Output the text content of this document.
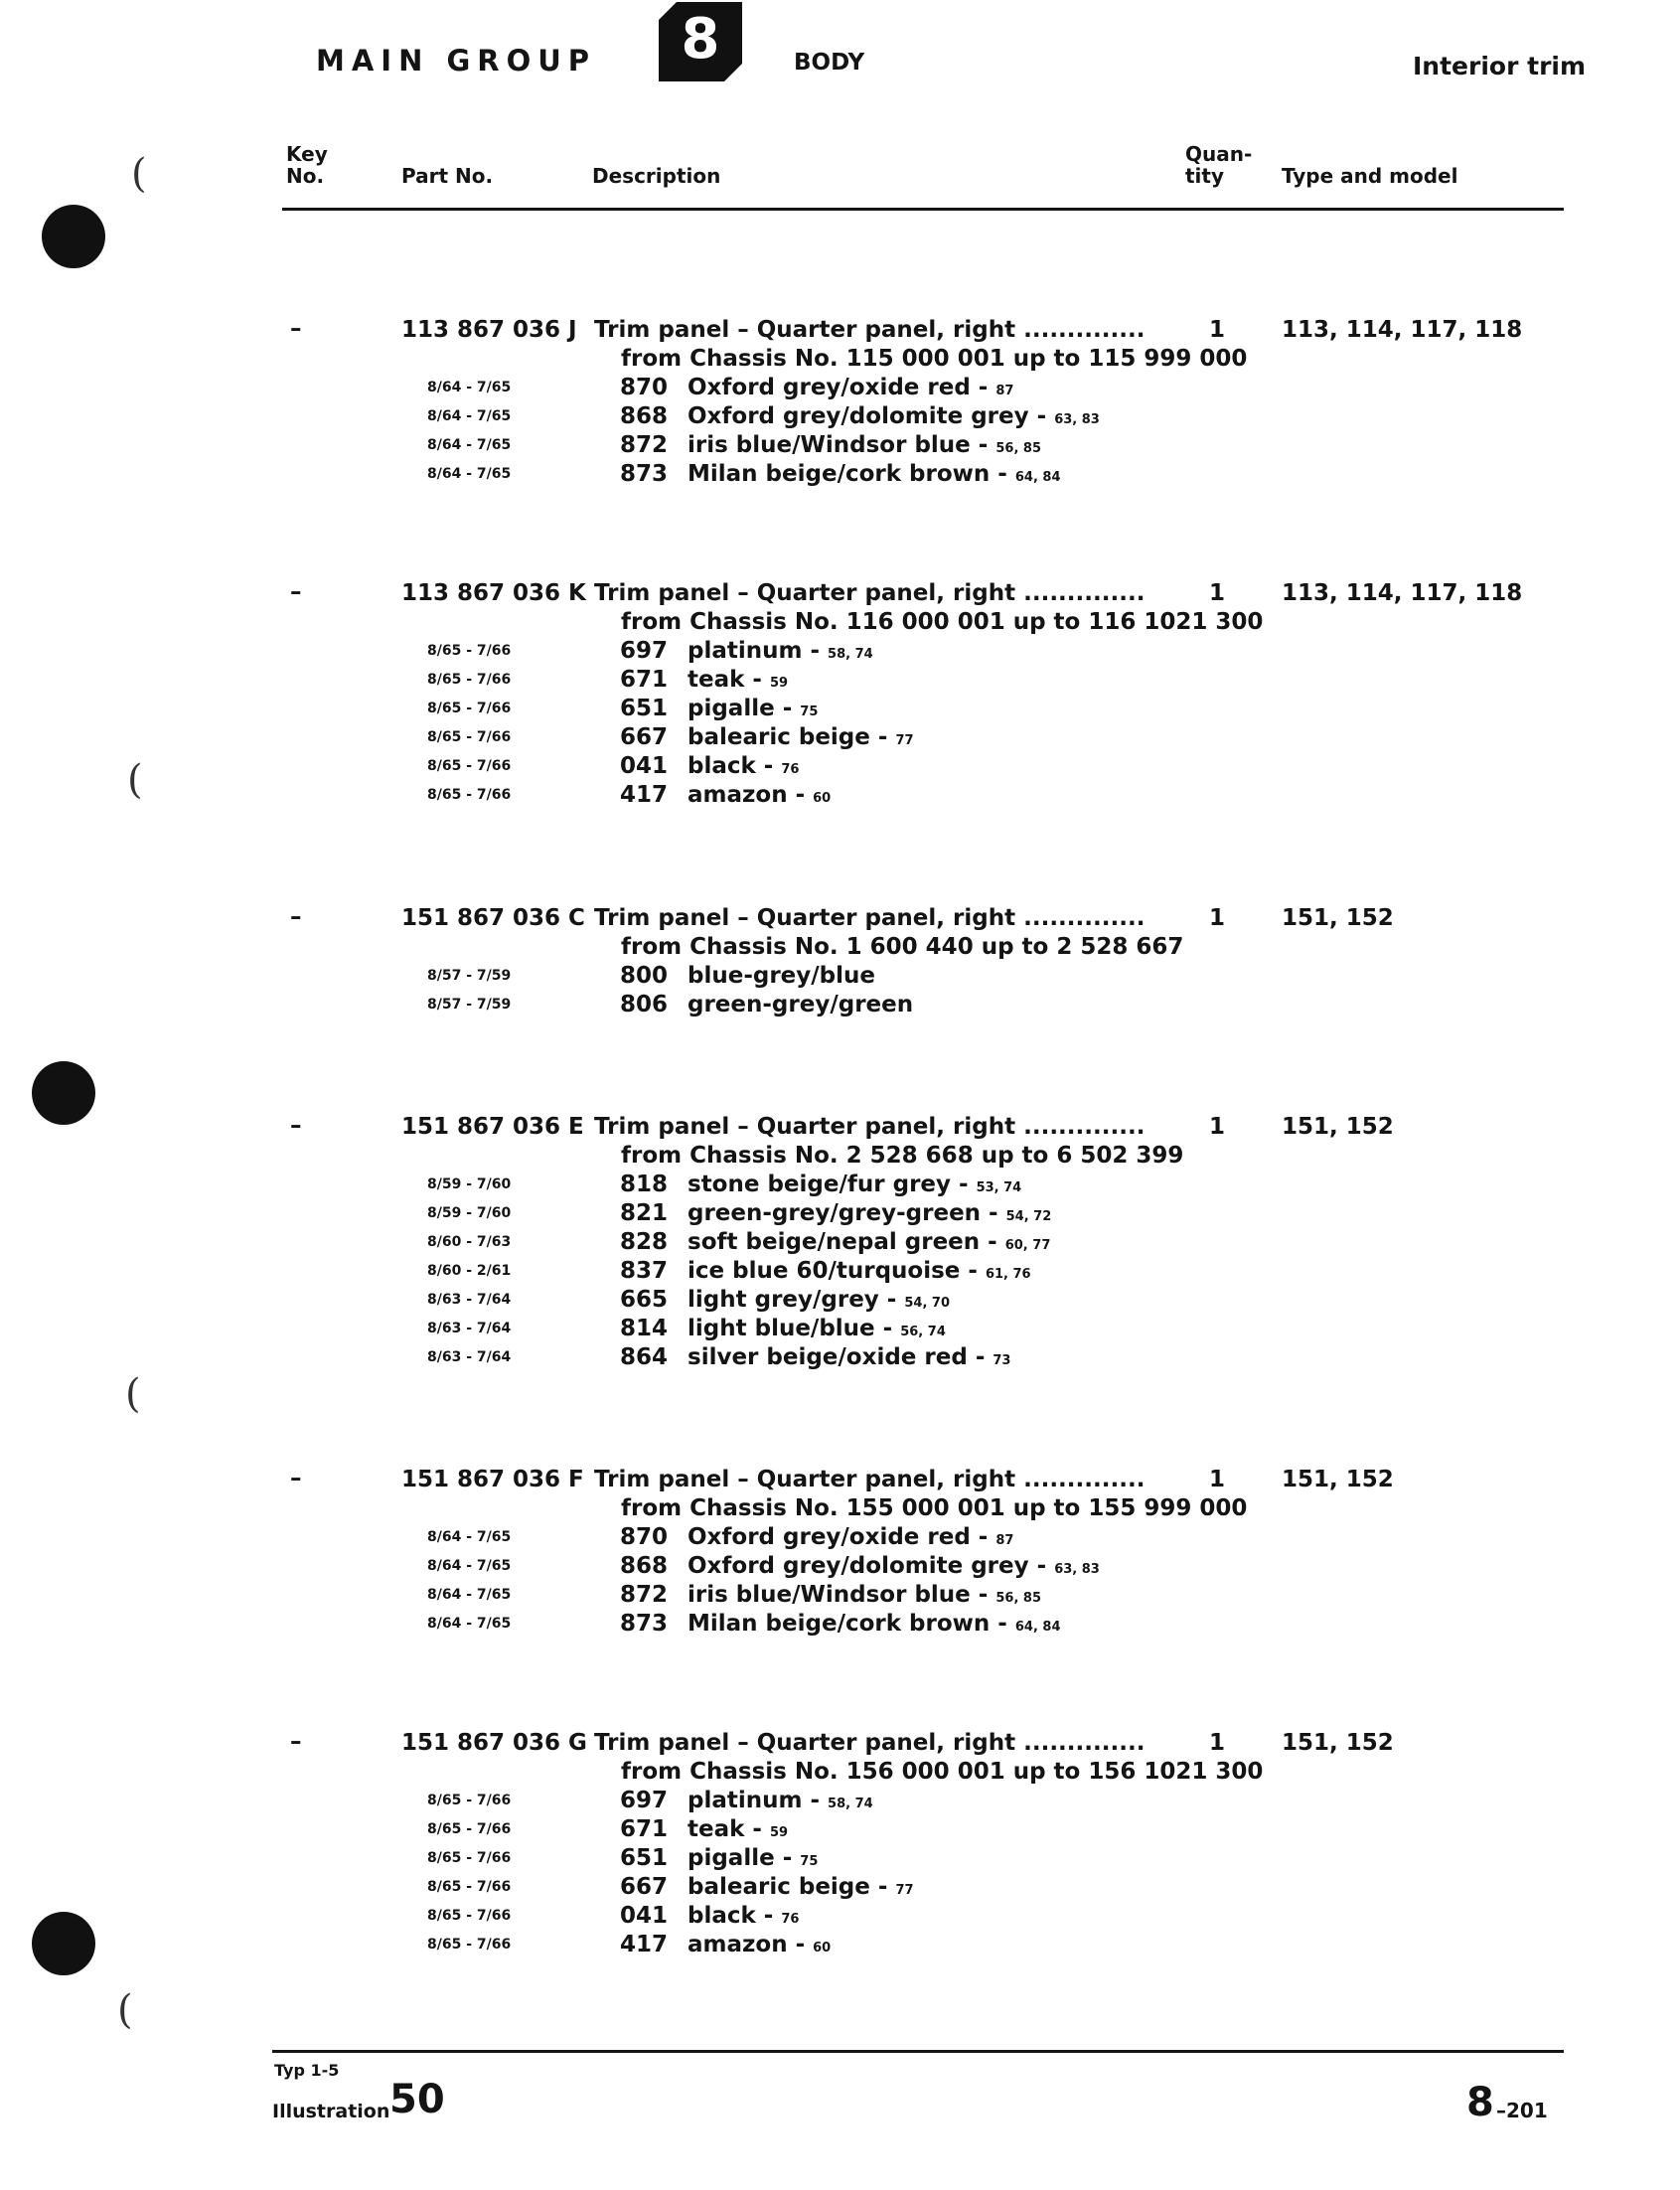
MAIN GROUP	8	BODY	Interior trim
Key
No.	Part No.	Description
Quan-
tity	Type and model
–	113 867 036 J Trim panel – Quarter panel, right ..............	1 113, 114, 117, 118
from Chassis No. 115 000 001 up to 115 999 000
8/64 - 7/65	870 Oxford grey/oxide red - 87
8/64 - 7/65	868 Oxford grey/dolomite grey - 63, 83
8/64 - 7/65	872 iris blue/Windsor blue - 56, 85
8/64 - 7/65	873 Milan beige/cork brown - 64, 84
–	113 867 036 K Trim panel – Quarter panel, right ..............	1 113, 114, 117, 118
from Chassis No. 116 000 001 up to 116 1021 300
8/65 - 7/66	697 platinum - 58, 74
8/65 - 7/66	671 teak - 59
8/65 - 7/66	651 pigalle - 75
8/65 - 7/66	667 balearic beige - 77
8/65 - 7/66	041 black - 76
8/65 - 7/66	417 amazon - 60
–	151 867 036 C Trim panel – Quarter panel, right ..............	1 151, 152
from Chassis No. 1 600 440 up to 2 528 667
8/57 - 7/59	800 blue-grey/blue
8/57 - 7/59	806 green-grey/green
–	151 867 036 E Trim panel – Quarter panel, right ..............	1 151, 152
from Chassis No. 2 528 668 up to 6 502 399
8/59 - 7/60	818 stone beige/fur grey - 53, 74
8/59 - 7/60	821 green-grey/grey-green - 54, 72
8/60 - 7/63	828 soft beige/nepal green - 60, 77
8/60 - 2/61	837 ice blue 60/turquoise - 61, 76
8/63 - 7/64	665 light grey/grey - 54, 70
8/63 - 7/64	814 light blue/blue - 56, 74
8/63 - 7/64	864 silver beige/oxide red - 73
–	151 867 036 F Trim panel – Quarter panel, right ..............	1 151, 152
from Chassis No. 155 000 001 up to 155 999 000
8/64 - 7/65	870 Oxford grey/oxide red - 87
8/64 - 7/65	868 Oxford grey/dolomite grey - 63, 83
8/64 - 7/65	872 iris blue/Windsor blue - 56, 85
8/64 - 7/65	873 Milan beige/cork brown - 64, 84
–	151 867 036 G Trim panel – Quarter panel, right ..............	1 151, 152
from Chassis No. 156 000 001 up to 156 1021 300
8/65 - 7/66	697 platinum - 58, 74
8/65 - 7/66	671 teak - 59
8/65 - 7/66	651 pigalle - 75
8/65 - 7/66	667 balearic beige - 77
8/65 - 7/66	041 black - 76
8/65 - 7/66	417 amazon - 60
Typ 1-5
Illustration 50	8 –201
(
(
(
(
